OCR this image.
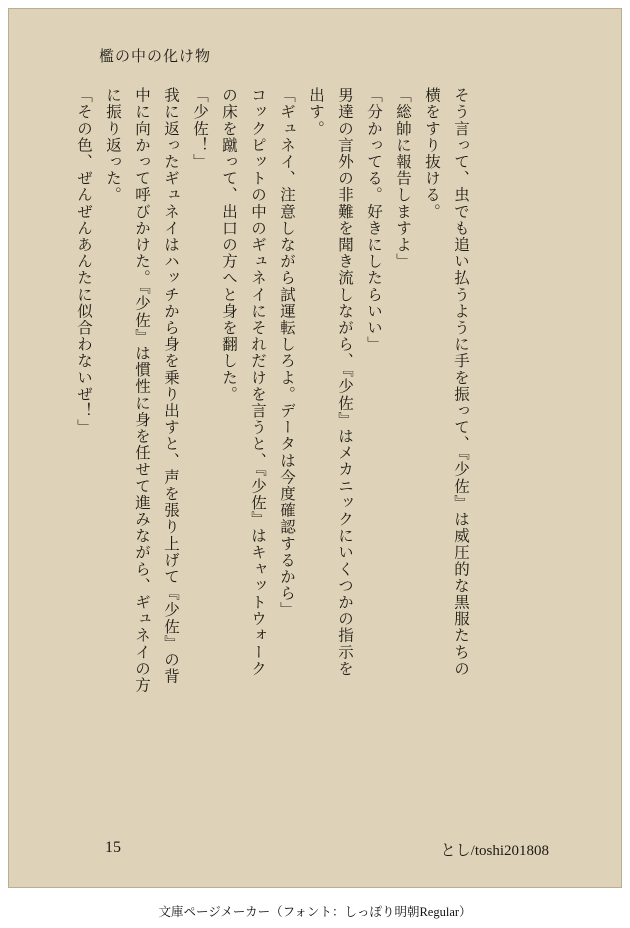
檻の中の化け物
「その色、ぜんぜんあんたに似合わないぜ！」 に振り返った。 中に向かって呼びかけた。『少佐』は慣性に身を任せて進みながら、ギュネイの方 我に返ったギュネイはハッチから身を乗り出すと、声を張り上げて『少佐』の背 「少佐！」 の床を蹴って、出口の方へと身を翻した。 コックピットの中のギュネイにそれだけを言うと、『少佐』はキャットウォーク 「ギュネイ、注意しながら試運転しろよ。データは今度確認するから」 出す。 男達の言外の非難を聞き流しながら、『少佐』はメカニックにいくつかの指示を 「分かってる。好きにしたらいい」 「総帥に報告しますよ」 横をすり抜ける。 そう言って、虫でも追い払うように手を振って、『少佐』は威圧的な黒服たちの
15	とし/toshi201808
文庫ページメーカー（フォント：しっぽり明朝Regular）
